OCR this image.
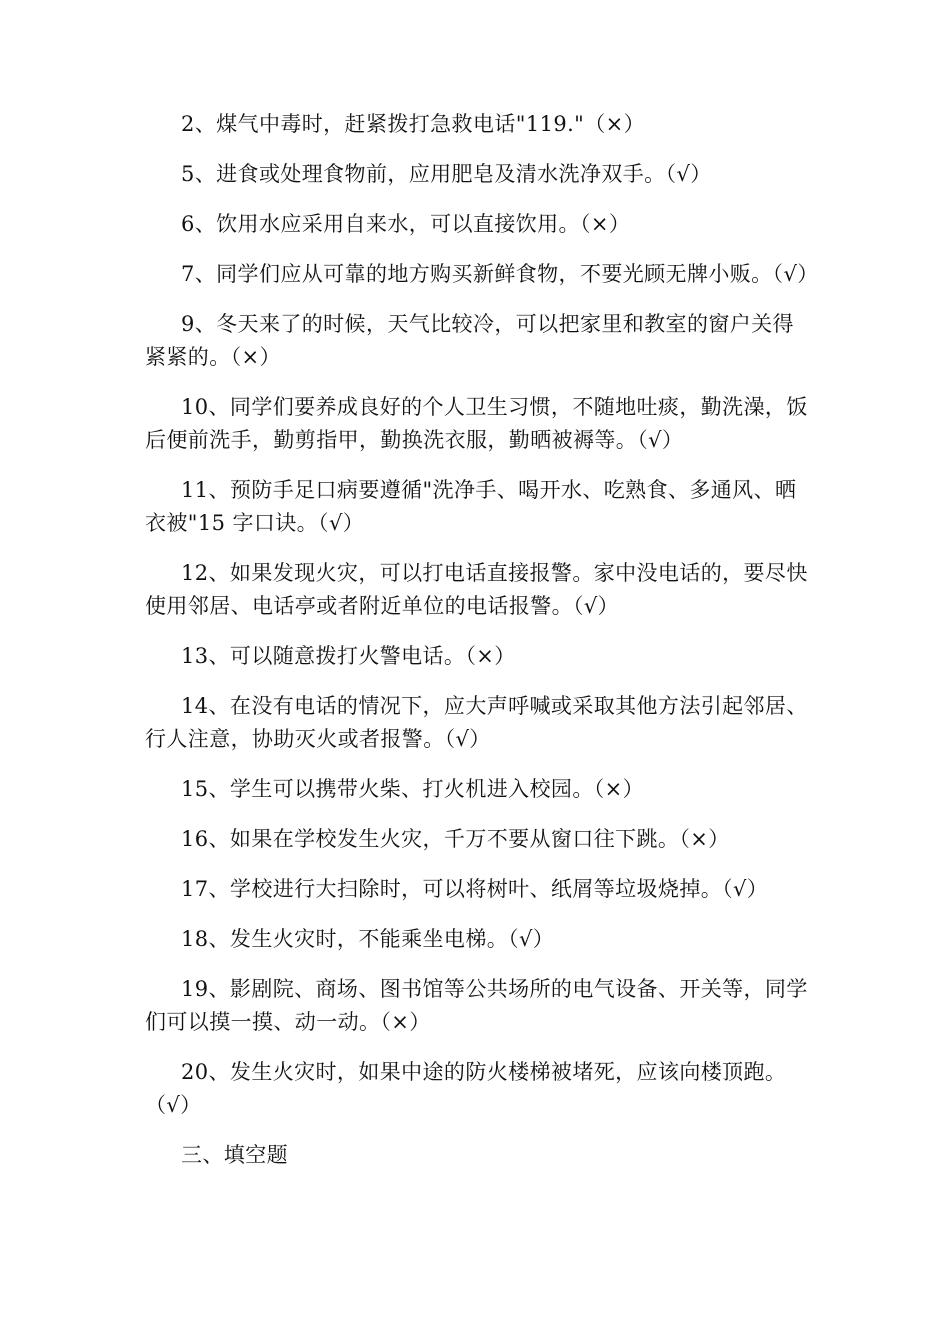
2、煤气中毒时，赶紧拨打急救电话"119."（×）

5、进食或处理食物前，应用肥皂及清水洗净双手。（√）

6、饮用水应采用自来水，可以直接饮用。（×）

7、同学们应从可靠的地方购买新鲜食物，不要光顾无牌小贩。（√）

9、冬天来了的时候，天气比较冷，可以把家里和教室的窗户关得紧紧的。（×）

10、同学们要养成良好的个人卫生习惯，不随地吐痰，勤洗澡，饭后便前洗手，勤剪指甲，勤换洗衣服，勤晒被褥等。（√）

11、预防手足口病要遵循"洗净手、喝开水、吃熟食、多通风、晒衣被"15 字口诀。（√）

12、如果发现火灾，可以打电话直接报警。家中没电话的，要尽快使用邻居、电话亭或者附近单位的电话报警。（√）

13、可以随意拨打火警电话。（×）

14、在没有电话的情况下，应大声呼喊或采取其他方法引起邻居、行人注意，协助灭火或者报警。（√）

15、学生可以携带火柴、打火机进入校园。（×）

16、如果在学校发生火灾，千万不要从窗口往下跳。（×）

17、学校进行大扫除时，可以将树叶、纸屑等垃圾烧掉。（√）

18、发生火灾时，不能乘坐电梯。（√）

19、影剧院、商场、图书馆等公共场所的电气设备、开关等，同学们可以摸一摸、动一动。（×）

20、发生火灾时，如果中途的防火楼梯被堵死，应该向楼顶跑。（√）

三、填空题
